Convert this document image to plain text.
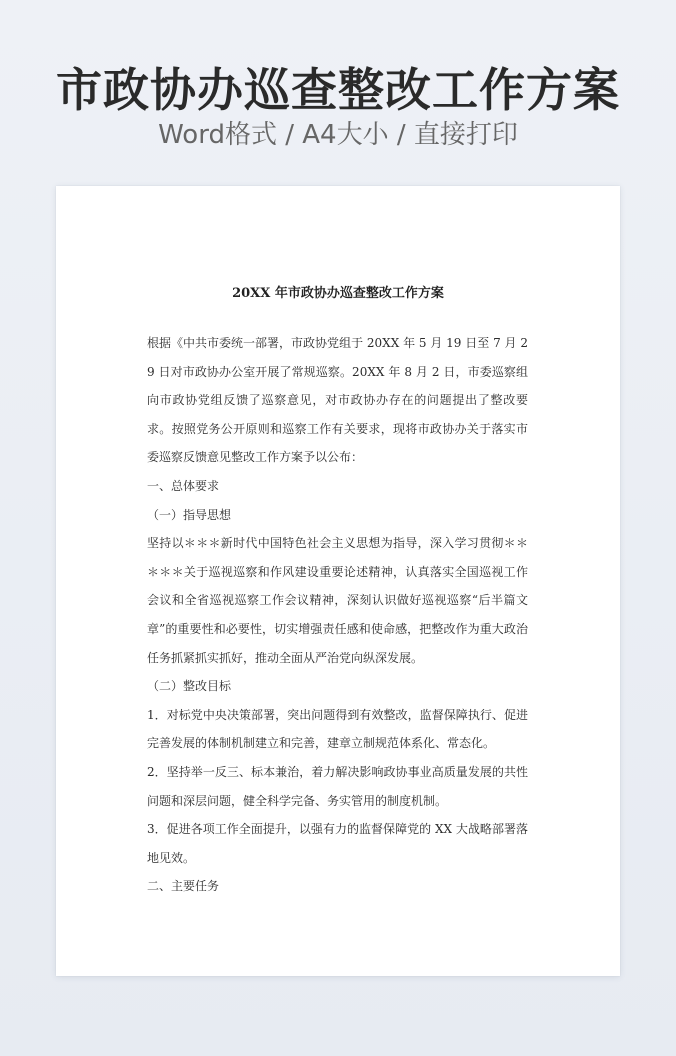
市政协办巡查整改工作方案
Word格式 / A4大小 / 直接打印
20XX 年市政协办巡查整改工作方案

根据《中共市委统一部署，市政协党组于 20XX 年 5 月 19 日至 7 月 29 日对市政协办公室开展了常规巡察。20XX 年 8 月 2 日，市委巡察组向市政协党组反馈了巡察意见，对市政协办存在的问题提出了整改要求。按照党务公开原则和巡察工作有关要求，现将市政协办关于落实市委巡察反馈意见整改工作方案予以公布：

一、总体要求

（一）指导思想

坚持以＊＊＊新时代中国特色社会主义思想为指导，深入学习贯彻＊＊＊＊＊关于巡视巡察和作风建设重要论述精神，认真落实全国巡视工作会议和全省巡视巡察工作会议精神，深刻认识做好巡视巡察“后半篇文章”的重要性和必要性，切实增强责任感和使命感，把整改作为重大政治任务抓紧抓实抓好，推动全面从严治党向纵深发展。

（二）整改目标

1．对标党中央决策部署，突出问题得到有效整改，监督保障执行、促进完善发展的体制机制建立和完善，建章立制规范体系化、常态化。

2．坚持举一反三、标本兼治，着力解决影响政协事业高质量发展的共性问题和深层问题，健全科学完备、务实管用的制度机制。

3．促进各项工作全面提升，以强有力的监督保障党的 XX 大战略部署落地见效。

二、主要任务
